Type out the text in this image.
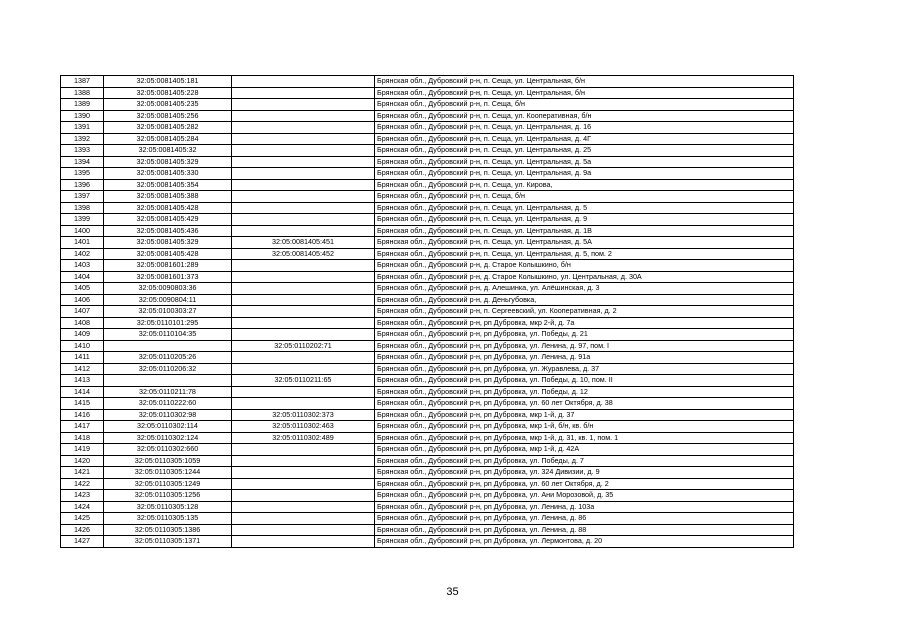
1387	32:05:0081405:181		Брянская обл., Дубровский р-н, п. Сеща, ул. Центральная, б/н
1388	32:05:0081405:228		Брянская обл., Дубровский р-н, п. Сеща, ул. Центральная, б/н
1389	32:05:0081405:235		Брянская обл., Дубровский р-н, п. Сеща, б/н
1390	32:05:0081405:256		Брянская обл., Дубровский р-н, п. Сеща, ул. Кооперативная, б/н
1391	32:05:0081405:282		Брянская обл., Дубровский р-н, п. Сеща, ул. Центральная, д. 16
1392	32:05:0081405:284		Брянская обл., Дубровский р-н, п. Сеща, ул. Центральная, д. 4Г
1393	32:05:0081405:32		Брянская обл., Дубровский р-н, п. Сеща, ул. Центральная, д. 25
1394	32:05:0081405:329		Брянская обл., Дубровский р-н, п. Сеща, ул. Центральная, д. 5а
1395	32:05:0081405:330		Брянская обл., Дубровский р-н, п. Сеща, ул. Центральная, д. 9а
1396	32:05:0081405:354		Брянская обл., Дубровский р-н, п. Сеща, ул. Кирова,
1397	32:05:0081405:388		Брянская обл., Дубровский р-н, п. Сеща, б/н
1398	32:05:0081405:428		Брянская обл., Дубровский р-н, п. Сеща, ул. Центральная, д. 5
1399	32:05:0081405:429		Брянская обл., Дубровский р-н, п. Сеща, ул. Центральная, д. 9
1400	32:05:0081405:436		Брянская обл., Дубровский р-н, п. Сеща, ул. Центральная, д. 1В
1401	32:05:0081405:329	32:05:0081405:451	Брянская обл., Дубровский р-н, п. Сеща, ул. Центральная, д. 5А
1402	32:05:0081405:428	32:05:0081405:452	Брянская обл., Дубровский р-н, п. Сеща, ул. Центральная, д. 5, пом. 2
1403	32:05:0081601:289		Брянская обл., Дубровский р-н, д. Старое Колышкино, б/н
1404	32:05:0081601:373		Брянская обл., Дубровский р-н, д. Старое Колышкино, ул. Центральная, д. 30А
1405	32:05:0090803:36		Брянская обл., Дубровский р-н, д. Алешинка, ул. Алёшинская, д. 3
1406	32:05:0090804:11		Брянская обл., Дубровский р-н, д. Деньгубовка,
1407	32:05:0100303:27		Брянская обл., Дубровский р-н, п. Сергеевский, ул. Кооперативная, д. 2
1408	32:05:0110101:295		Брянская обл., Дубровский р-н, рп Дубровка, мкр 2-й, д. 7а
1409	32:05:0110104:35		Брянская обл., Дубровский р-н, рп Дубровка, ул. Победы, д. 21
1410		32:05:0110202:71	Брянская обл., Дубровский р-н, рп Дубровка, ул. Ленина, д. 97, пом. I
1411	32:05:0110205:26		Брянская обл., Дубровский р-н, рп Дубровка, ул. Ленина, д. 91а
1412	32:05:0110206:32		Брянская обл., Дубровский р-н, рп Дубровка, ул. Журавлева, д. 37
1413		32:05:0110211:65	Брянская обл., Дубровский р-н, рп Дубровка, ул. Победы, д. 10, пом. II
1414	32:05:0110211:78		Брянская обл., Дубровский р-н, рп Дубровка, ул. Победы, д. 12
1415	32:05:0110222:60		Брянская обл., Дубровский р-н, рп Дубровка, ул. 60 лет Октября, д. 38
1416	32:05:0110302:98	32:05:0110302:373	Брянская обл., Дубровский р-н, рп Дубровка, мкр 1-й, д. 37
1417	32:05:0110302:114	32:05:0110302:463	Брянская обл., Дубровский р-н, рп Дубровка, мкр 1-й, б/н, кв. б/н
1418	32:05:0110302:124	32:05:0110302:489	Брянская обл., Дубровский р-н, рп Дубровка, мкр 1-й, д. 31, кв. 1, пом. 1
1419	32:05:0110302:660		Брянская обл., Дубровский р-н, рп Дубровка, мкр 1-й, д. 42А
1420	32:05:0110305:1059		Брянская обл., Дубровский р-н, рп Дубровка, ул. Победы, д. 7
1421	32:05:0110305:1244		Брянская обл., Дубровский р-н, рп Дубровка, ул. 324 Дивизии, д. 9
1422	32:05:0110305:1249		Брянская обл., Дубровский р-н, рп Дубровка, ул. 60 лет Октября, д. 2
1423	32:05:0110305:1256		Брянская обл., Дубровский р-н, рп Дубровка, ул. Ани Морозовой, д. 35
1424	32:05:0110305:128		Брянская обл., Дубровский р-н, рп Дубровка, ул. Ленина, д. 103а
1425	32:05:0110305:135		Брянская обл., Дубровский р-н, рп Дубровка, ул. Ленина, д. 86
1426	32:05:0110305:1386		Брянская обл., Дубровский р-н, рп Дубровка, ул. Ленина, д. 88
1427	32:05:0110305:1371		Брянская обл., Дубровский р-н, рп Дубровка, ул. Лермонтова, д. 20
35
